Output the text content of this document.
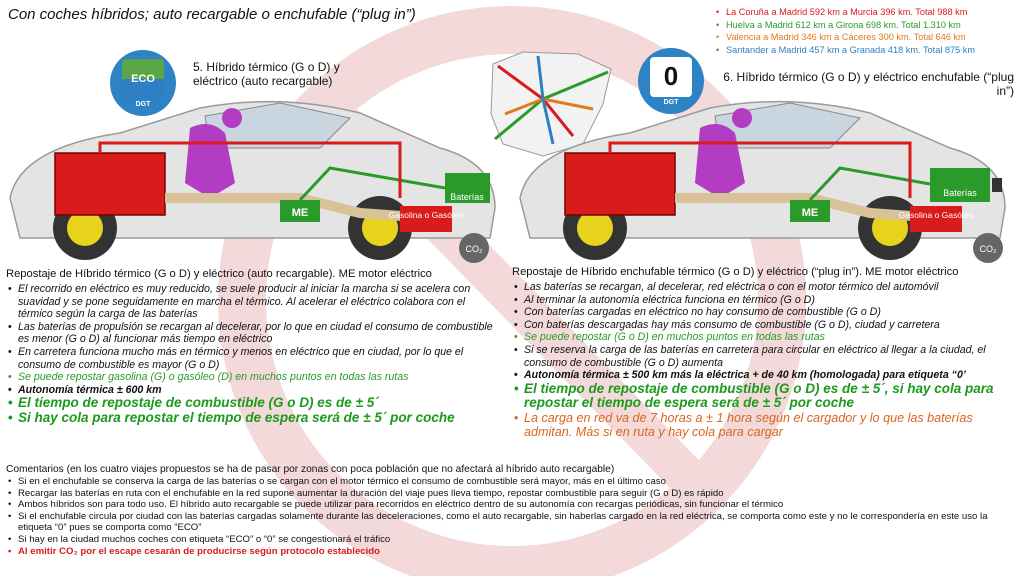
Con coches híbridos; auto recargable o enchufable (“plug in”)
•	La Coruña a Madrid 592 km a Murcia 396 km. Total 988 km
• Huelva a Madrid 612 km a Girona 698 km. Total 1.310 km
• Valencia a Madrid 346 km a Cáceres 300 km. Total 646 km
• Santander a Madrid 457 km a Granada 418 km. Total 875 km
ECO
DGT
0
DGT
5. Híbrido térmico (G o D) y eléctrico (auto recargable)	6. Híbrido térmico (G o D) y eléctrico enchufable (“plug in”)
ME
Baterías
Gasolina o Gasóleo
CO₂
ME
Baterías
Gasolina o Gasóleo
CO₂
Repostaje de Híbrido térmico (G o D) y eléctrico (auto recargable). ME motor eléctrico
• El recorrido en eléctrico es muy reducido, se suele producir al iniciar la marcha si se acelera con suavidad y se pone seguidamente en marcha el térmico. Al acelerar el eléctrico colabora con el térmico según la carga de las baterías
• Las baterías de propulsión se recargan al decelerar, por lo que en ciudad el consumo de combustible es menor (G o D) al funcionar más tiempo en eléctrico
• En carretera funciona mucho más en térmico y menos en eléctrico que en ciudad, por lo que el consumo de combustible es mayor (G o D)
• Se puede repostar gasolina (G) o gasóleo (D) en muchos puntos en todas las rutas
• Autonomía térmica ± 600 km
• El tiempo de repostaje de combustible (G o D) es de ± 5´
• Si hay cola para repostar el tiempo de espera será de ± 5´ por coche
Repostaje de Híbrido enchufable térmico (G o D) y eléctrico (“plug in”). ME motor eléctrico
• Las baterías se recargan, al decelerar, red eléctrica o con el motor térmico del automóvil
• Al terminar la autonomía eléctrica funciona en térmico (G o D)
• Con baterías cargadas en eléctrico no hay consumo de combustible (G o D)
• Con baterías descargadas hay más consumo de combustible (G o D), ciudad y carretera
• Se puede repostar (G o D) en muchos puntos en todas las rutas
• Si se reserva la carga de las baterías en carretera para circular en eléctrico al llegar a la ciudad, el consumo de combustible (G o D) aumenta
• Autonomía térmica ± 500 km más la eléctrica + de 40 km (homologada) para etiqueta “0’
• El tiempo de repostaje de combustible (G o D) es de ± 5´, si hay cola para repostar el tiempo de espera será de ± 5´ por coche
• La carga en red va de 7 horas a ± 1 hora según el cargador y lo que las baterías admitan. Más si en ruta y hay cola para cargar
Comentarios (en los cuatro viajes propuestos se ha de pasar por zonas con poca población que no afectará al híbrido auto recargable)
• Si en el enchufable se conserva la carga de las baterías o se cargan con el motor térmico el consumo de combustible será mayor, más en el último caso
• Recargar las baterías en ruta con el enchufable en la red supone aumentar la duración del viaje pues lleva tiempo, repostar combustible para seguir (G o D) es rápido
• Ambos híbridos son para todo uso. El híbrido auto recargable se puede utilizar para recorridos en eléctrico dentro de su autonomía con recargas periódicas, sin funcionar el térmico
• Si el enchufable circula por ciudad con las baterías cargadas solamente durante las deceleraciones, como el auto recargable, sin haberlas cargado en la red eléctrica, se comporta como este y no le correspondería en este uso la etiqueta “0” pues se comporta como “ECO”
• Si hay en la ciudad muchos coches con etiqueta “ECO” o “0” se congestionará el tráfico
• Al emitir CO₂ por el escape cesarán de producirse según protocolo establecido
